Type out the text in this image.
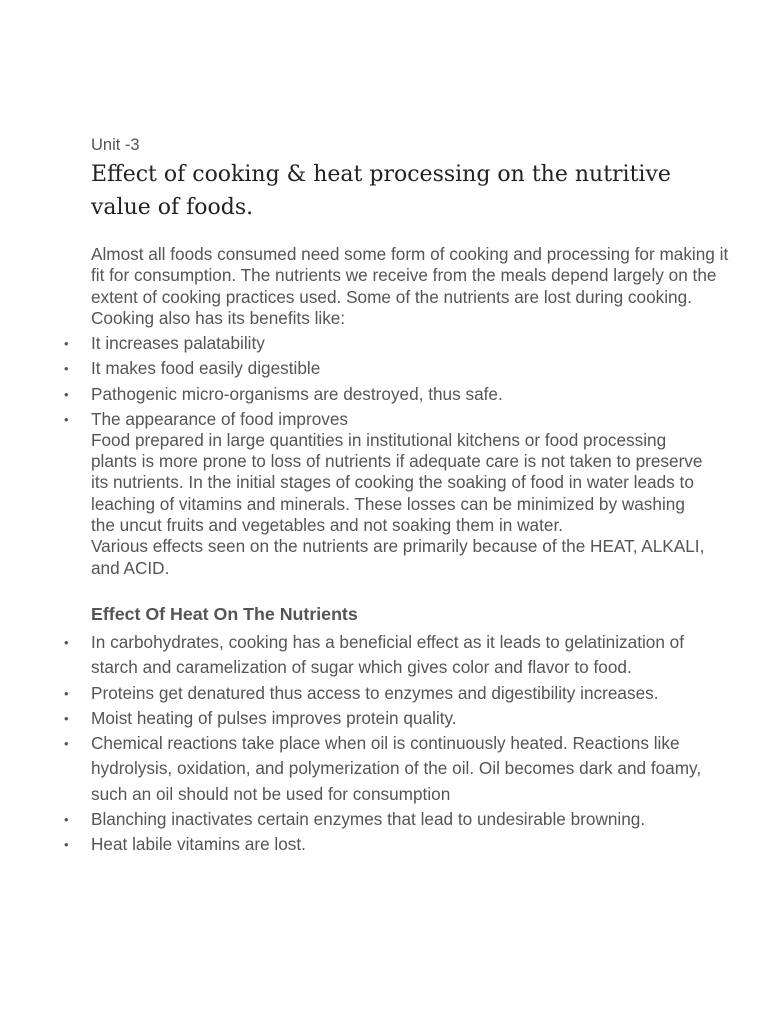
Unit -3
Effect of cooking & heat processing on the nutritive value of foods.

Almost all foods consumed need some form of cooking and processing for making it fit for consumption. The nutrients we receive from the meals depend largely on the extent of cooking practices used. Some of the nutrients are lost during cooking. Cooking also has its benefits like:

• It increases palatability
• It makes food easily digestible
• Pathogenic micro-organisms are destroyed, thus safe.
• The appearance of food improves

Food prepared in large quantities in institutional kitchens or food processing plants is more prone to loss of nutrients if adequate care is not taken to preserve its nutrients. In the initial stages of cooking the soaking of food in water leads to leaching of vitamins and minerals. These losses can be minimized by washing the uncut fruits and vegetables and not soaking them in water.

Various effects seen on the nutrients are primarily because of the HEAT, ALKALI, and ACID.

Effect Of Heat On The Nutrients
• In carbohydrates, cooking has a beneficial effect as it leads to gelatinization of starch and caramelization of sugar which gives color and flavor to food.
• Proteins get denatured thus access to enzymes and digestibility increases.
• Moist heating of pulses improves protein quality.
• Chemical reactions take place when oil is continuously heated. Reactions like hydrolysis, oxidation, and polymerization of the oil. Oil becomes dark and foamy, such an oil should not be used for consumption
• Blanching inactivates certain enzymes that lead to undesirable browning.
• Heat labile vitamins are lost.
